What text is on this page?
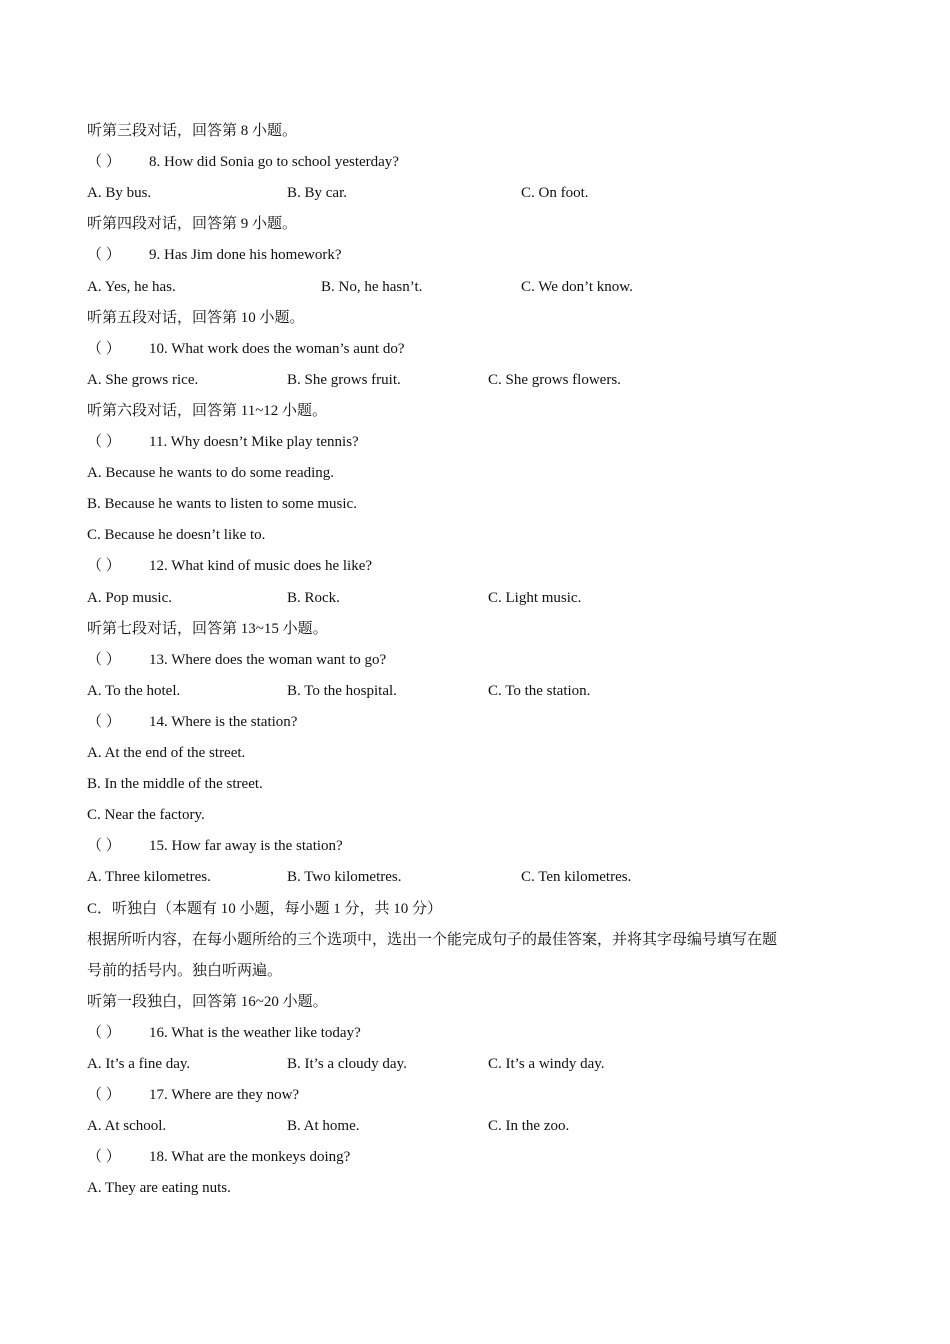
听第三段对话，回答第 8 小题。
（ ） 8. How did Sonia go to school yesterday?
A. By bus.	B. By car.	C. On foot.
听第四段对话，回答第 9 小题。
（ ） 9. Has Jim done his homework?
A. Yes, he has.	B. No, he hasn’t.	C. We don’t know.
听第五段对话，回答第 10 小题。
（ ） 10. What work does the woman’s aunt do?
A. She grows rice.	B. She grows fruit.	C. She grows flowers.
听第六段对话，回答第 11~12 小题。
（ ） 11. Why doesn’t Mike play tennis?
A. Because he wants to do some reading.
B. Because he wants to listen to some music.
C. Because he doesn’t like to.
（ ） 12. What kind of music does he like?
A. Pop music.	B. Rock.	C. Light music.
听第七段对话，回答第 13~15 小题。
（ ） 13. Where does the woman want to go?
A. To the hotel.	B. To the hospital.	C. To the station.
（ ） 14. Where is the station?
A. At the end of the street.
B. In the middle of the street.
C. Near the factory.
（ ） 15. How far away is the station?
A. Three kilometres.	B. Two kilometres.	C. Ten kilometres.
C．听独白（本题有 10 小题，每小题 1 分，共 10 分）
根据所听内容，在每小题所给的三个选项中，选出一个能完成句子的最佳答案，并将其字母编号填写在题
号前的括号内。独白听两遍。
听第一段独白，回答第 16~20 小题。
（ ） 16. What is the weather like today?
A. It’s a fine day.	B. It’s a cloudy day.	C. It’s a windy day.
（ ） 17. Where are they now?
A. At school.	B. At home.	C. In the zoo.
（ ） 18. What are the monkeys doing?
A. They are eating nuts.
